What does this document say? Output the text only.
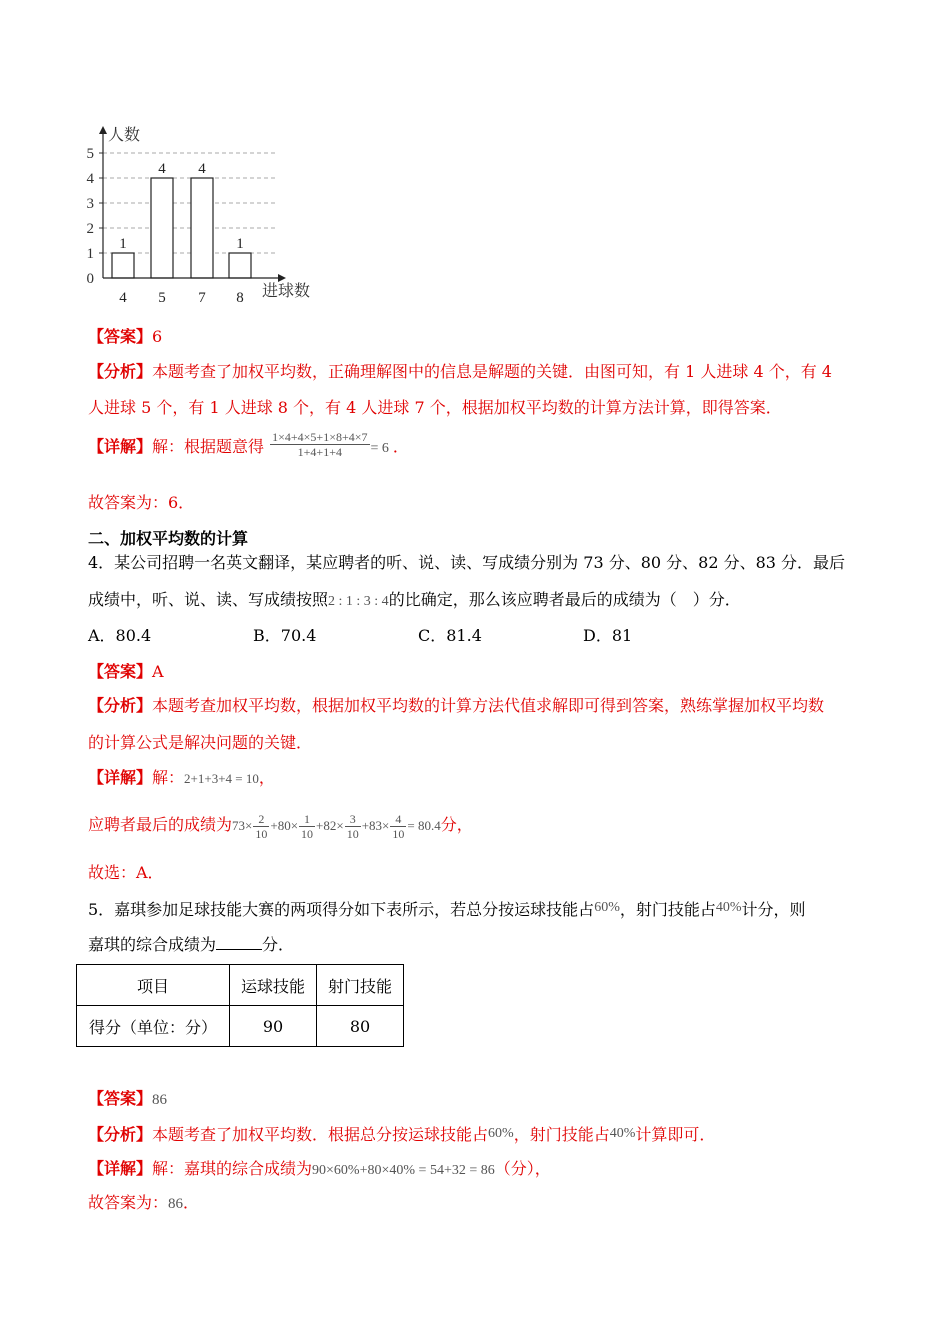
0
1
2
3
4
5
1
4
4
5
4
7
1
8
人数
进球数
【答案】6
【分析】本题考查了加权平均数，正确理解图中的信息是解题的关键．由图可知，有 1 人进球 4 个，有 4
人进球 5 个，有 1 人进球 8 个，有 4 人进球 7 个，根据加权平均数的计算方法计算，即得答案．
【详解】解：根据题意得 $\frac{1\times 4+4\times 5+1\times 8+4\times 7}{1+4+1+4} = 6$ ．
故答案为：6．
二、加权平均数的计算
4．某公司招聘一名英文翻译，某应聘者的听、说、读、写成绩分别为 73 分、80 分、82 分、83 分．最后
成绩中，听、说、读、写成绩按照2 : 1 : 3 : 4的比确定，那么该应聘者最后的成绩为（　）分．
A．80.4	B．70.4	C．81.4	D．81
【答案】A
【分析】本题考查加权平均数，根据加权平均数的计算方法代值求解即可得到答案，熟练掌握加权平均数
的计算公式是解决问题的关键．
【详解】解：2+1+3+4 = 10，
应聘者最后的成绩为$73\times \frac{2}{10} +80\times \frac{1}{10} +82\times \frac{3}{10} +83\times \frac{4}{10} = 80.4$分，
故选：A．
5．嘉琪参加足球技能大赛的两项得分如下表所示，若总分按运球技能占60%，射门技能占40%计分，则
嘉琪的综合成绩为	分．
项目	运球技能	射门技能
得分（单位：分）	90	80
【答案】86
【分析】本题考查了加权平均数．根据总分按运球技能占60%，射门技能占40%计算即可．
【详解】解：嘉琪的综合成绩为90×60%+80×40% = 54+32 = 86（分），
故答案为：86．
